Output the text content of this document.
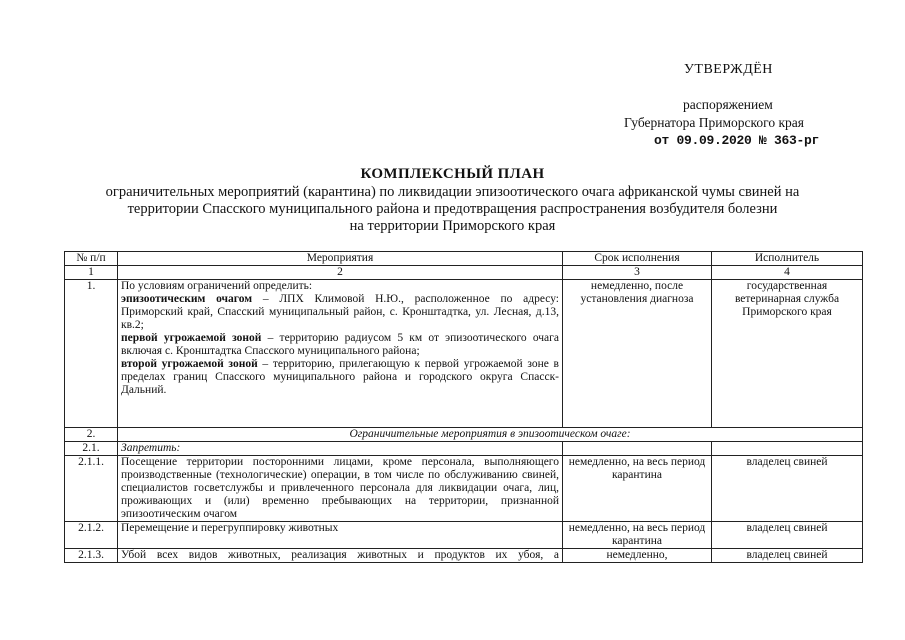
УТВЕРЖДЁН
распоряжением
Губернатора Приморского края
от 09.09.2020 № 363-рг
КОМПЛЕКСНЫЙ ПЛАН
ограничительных мероприятий (карантина) по ликвидации эпизоотического очага африканской чумы свиней на
территории Спасского муниципального района и предотвращения распространения возбудителя болезни
на территории Приморского края
№ п/п	Мероприятия	Срок исполнения	Исполнитель
1	2	3	4
1.	По условиям ограничений определить:
эпизоотическим очагом – ЛПХ Климовой Н.Ю., расположенное по адресу: Приморский край, Спасский муниципальный район, с. Кронштадтка, ул. Лесная, д.13, кв.2;
первой угрожаемой зоной – территорию радиусом 5 км от эпизоотического очага включая с. Кронштадтка Спасского муниципального района;
второй угрожаемой зоной – территорию, прилегающую к первой угрожаемой зоне в пределах границ Спасского муниципального района и городского округа Спасск-Дальний.	немедленно, после установления диагноза	государственная ветеринарная служба Приморского края
2.	Ограничительные мероприятия в эпизоотическом очаге:		
2.1.	Запретить:		
2.1.1.	Посещение территории посторонними лицами, кроме персонала, выполняющего производственные (технологические) операции, в том числе по обслуживанию свиней, специалистов госветслужбы и привлеченного персонала для ликвидации очага, лиц, проживающих и (или) временно пребывающих на территории, признанной эпизоотическим очагом	немедленно, на весь период карантина	владелец свиней
2.1.2.	Перемещение и перегруппировку животных	немедленно, на весь период карантина	владелец свиней
2.1.3.	Убой всех видов животных, реализация животных и продуктов их убоя, а	немедленно,	владелец свиней
